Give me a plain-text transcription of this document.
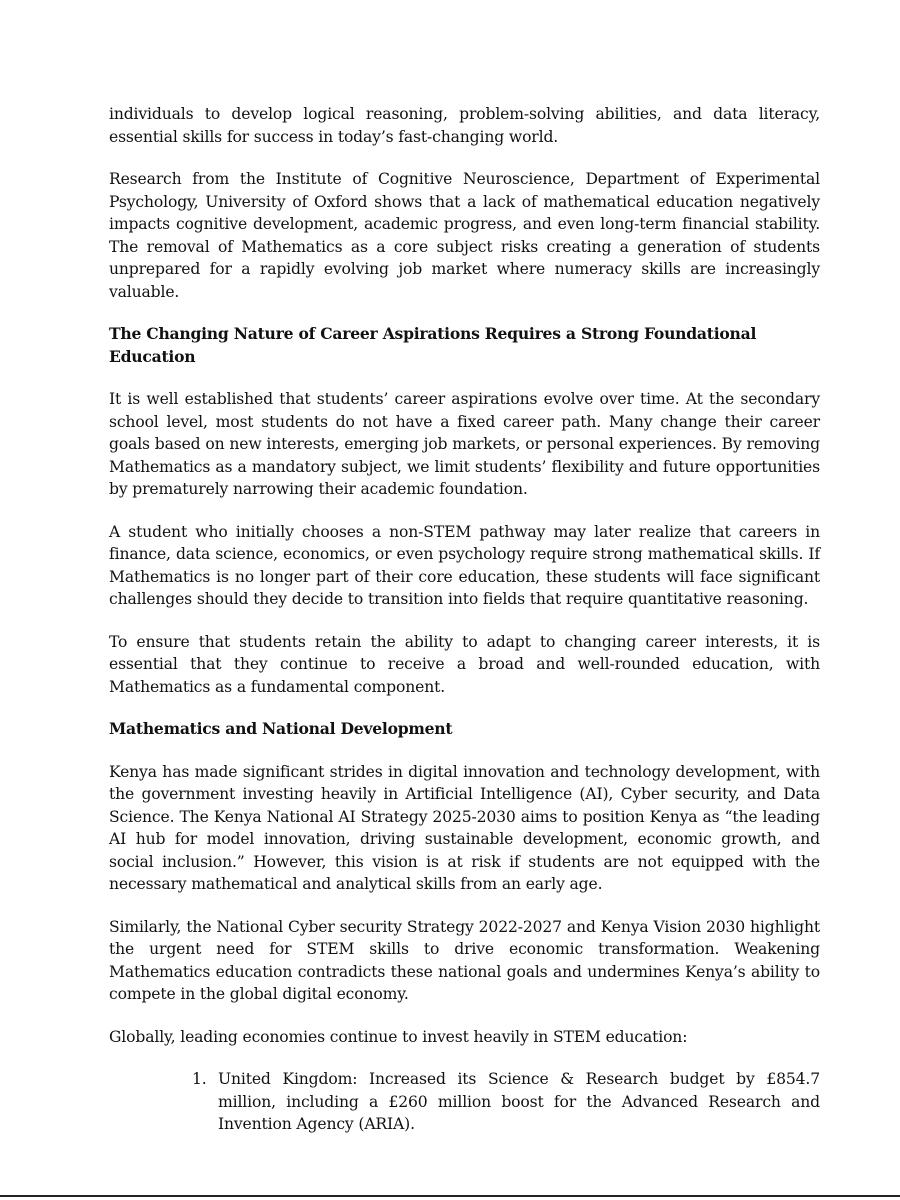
individuals to develop logical reasoning, problem-solving abilities, and data literacy, essential skills for success in today’s fast-changing world.

Research from the Institute of Cognitive Neuroscience, Department of Experimental Psychology, University of Oxford shows that a lack of mathematical education negatively impacts cognitive development, academic progress, and even long-term financial stability. The removal of Mathematics as a core subject risks creating a generation of students unprepared for a rapidly evolving job market where numeracy skills are increasingly valuable.

The Changing Nature of Career Aspirations Requires a Strong Foundational Education

It is well established that students’ career aspirations evolve over time. At the secondary school level, most students do not have a fixed career path. Many change their career goals based on new interests, emerging job markets, or personal experiences. By removing Mathematics as a mandatory subject, we limit students’ flexibility and future opportunities by prematurely narrowing their academic foundation.

A student who initially chooses a non-STEM pathway may later realize that careers in finance, data science, economics, or even psychology require strong mathematical skills. If Mathematics is no longer part of their core education, these students will face significant challenges should they decide to transition into fields that require quantitative reasoning.

To ensure that students retain the ability to adapt to changing career interests, it is essential that they continue to receive a broad and well-rounded education, with Mathematics as a fundamental component.

Mathematics and National Development

Kenya has made significant strides in digital innovation and technology development, with the government investing heavily in Artificial Intelligence (AI), Cyber security, and Data Science. The Kenya National AI Strategy 2025-2030 aims to position Kenya as “the leading AI hub for model innovation, driving sustainable development, economic growth, and social inclusion.” However, this vision is at risk if students are not equipped with the necessary mathematical and analytical skills from an early age.

Similarly, the National Cyber security Strategy 2022-2027 and Kenya Vision 2030 highlight the urgent need for STEM skills to drive economic transformation. Weakening Mathematics education contradicts these national goals and undermines Kenya’s ability to compete in the global digital economy.

Globally, leading economies continue to invest heavily in STEM education:

1. United Kingdom: Increased its Science & Research budget by £854.7 million, including a £260 million boost for the Advanced Research and Invention Agency (ARIA).
